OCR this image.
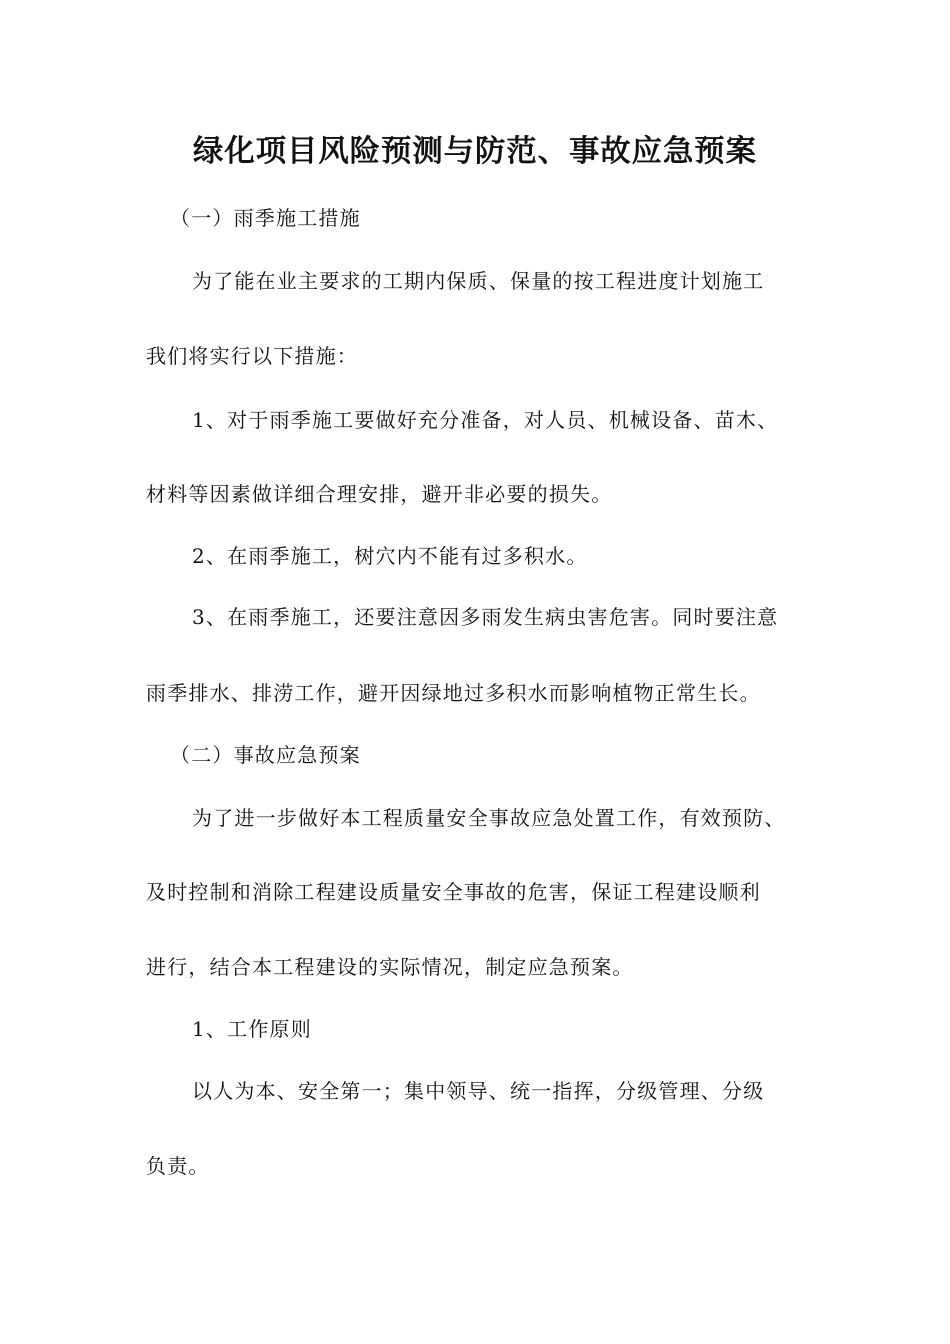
绿化项目风险预测与防范、事故应急预案
（一）雨季施工措施
为了能在业主要求的工期内保质、保量的按工程进度计划施工
我们将实行以下措施：
1、对于雨季施工要做好充分准备，对人员、机械设备、苗木、
材料等因素做详细合理安排，避开非必要的损失。
2、在雨季施工，树穴内不能有过多积水。
3、在雨季施工，还要注意因多雨发生病虫害危害。同时要注意
雨季排水、排涝工作，避开因绿地过多积水而影响植物正常生长。
（二）事故应急预案
为了进一步做好本工程质量安全事故应急处置工作，有效预防、
及时控制和消除工程建设质量安全事故的危害，保证工程建设顺利
进行，结合本工程建设的实际情况，制定应急预案。
1、工作原则
以人为本、安全第一；集中领导、统一指挥，分级管理、分级
负责。
